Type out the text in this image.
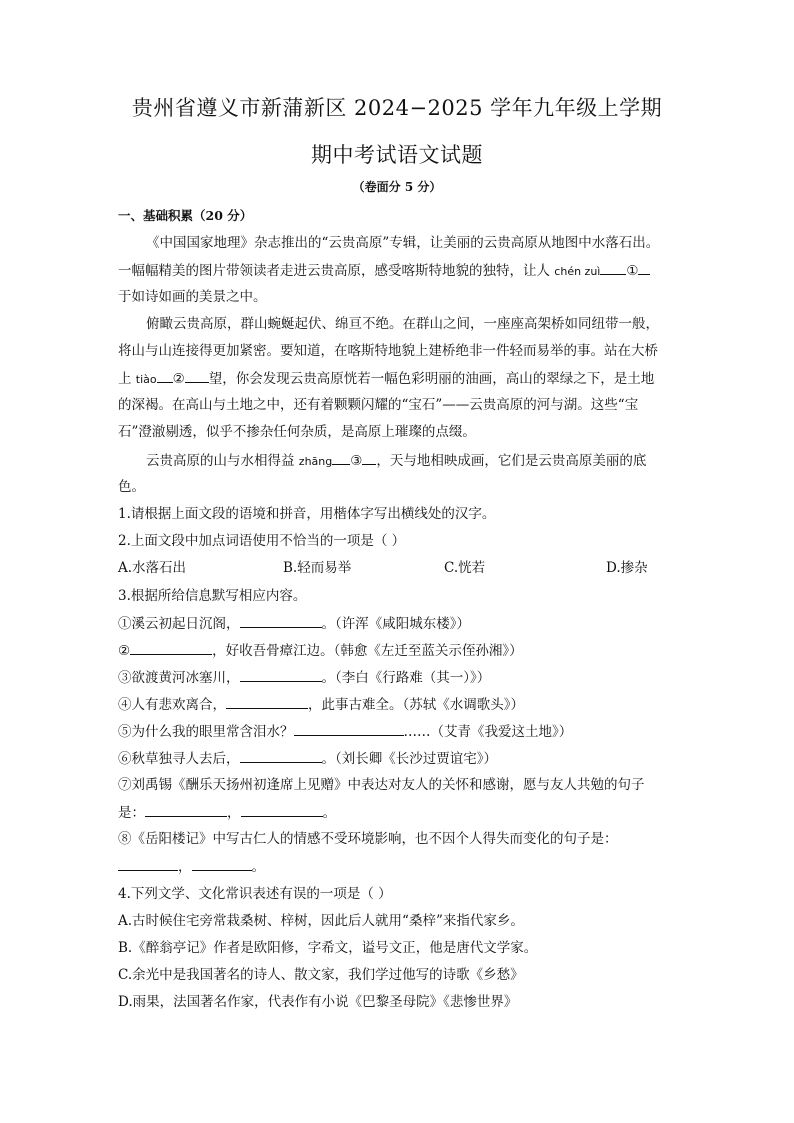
贵州省遵义市新蒲新区 2024−2025 学年九年级上学期
期中考试语文试题
（卷面分 5 分）
一、基础积累（20 分）
《中国国家地理》杂志推出的“云贵高原”专辑，让美丽的云贵高原从地图中水落石出。
一幅幅精美的图片带领读者走进云贵高原，感受喀斯特地貌的独特，让人 chén zuì ①
于如诗如画的美景之中。
俯瞰云贵高原，群山蜿蜒起伏、绵亘不绝。在群山之间，一座座高架桥如同纽带一般，
将山与山连接得更加紧密。要知道，在喀斯特地貌上建桥绝非一件轻而易举的事。站在大桥
上 tiào ② 望，你会发现云贵高原恍若一幅色彩明丽的油画，高山的翠绿之下，是土地
的深褐。在高山与土地之中，还有着颗颗闪耀的“宝石”——云贵高原的河与湖。这些“宝
石”澄澈剔透，似乎不掺杂任何杂质，是高原上璀璨的点缀。
云贵高原的山与水相得益 zhāng ③ ，天与地相映成画，它们是云贵高原美丽的底
色。
1.请根据上面文段的语境和拼音，用楷体字写出横线处的汉字。
2.上面文段中加点词语使用不恰当的一项是（ ）
A.水落石出	B.轻而易举	C.恍若	D.掺杂
3.根据所给信息默写相应内容。
①溪云初起日沉阁，	。（许浑《咸阳城东楼》）
②	，好收吾骨瘴江边。（韩愈《左迁至蓝关示侄孙湘》）
③欲渡黄河冰塞川，	。（李白《行路难（其一）》）
④人有悲欢离合，	，此事古难全。（苏轼《水调歌头》）
⑤为什么我的眼里常含泪水？	……（艾青《我爱这土地》）
⑥秋草独寻人去后，	。（刘长卿《长沙过贾谊宅》）
⑦刘禹锡《酬乐天扬州初逢席上见赠》中表达对友人的关怀和感谢，愿与友人共勉的句子
是：	，	。
⑧《岳阳楼记》中写古仁人的情感不受环境影响，也不因个人得失而变化的句子是：
，	。
4.下列文学、文化常识表述有误的一项是（ ）
A.古时候住宅旁常栽桑树、梓树，因此后人就用“桑梓”来指代家乡。
B.《醉翁亭记》作者是欧阳修，字希文，谥号文正，他是唐代文学家。
C.余光中是我国著名的诗人、散文家，我们学过他写的诗歌《乡愁》
D.雨果，法国著名作家，代表作有小说《巴黎圣母院》《悲惨世界》
